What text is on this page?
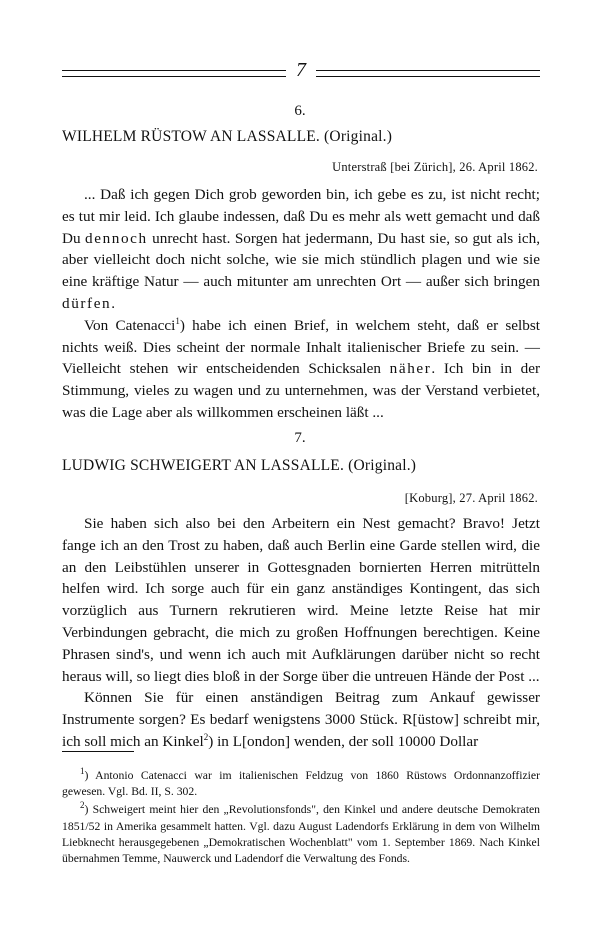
7
6.
WILHELM RÜSTOW AN LASSALLE. (Original.)
Unterstraß [bei Zürich], 26. April 1862.

... Daß ich gegen Dich grob geworden bin, ich gebe es zu, ist nicht recht; es tut mir leid. Ich glaube indessen, daß Du es mehr als wett gemacht und daß Du dennoch unrecht hast. Sorgen hat jedermann, Du hast sie, so gut als ich, aber vielleicht doch nicht solche, wie sie mich stündlich plagen und wie sie eine kräftige Natur — auch mitunter am unrechten Ort — außer sich bringen dürfen.

Von Catenacci$^1$) habe ich einen Brief, in welchem steht, daß er selbst nichts weiß. Dies scheint der normale Inhalt italienischer Briefe zu sein. — Vielleicht stehen wir entscheidenden Schicksalen näher. Ich bin in der Stimmung, vieles zu wagen und zu unternehmen, was der Verstand verbietet, was die Lage aber als willkommen erscheinen läßt ...

7.
LUDWIG SCHWEIGERT AN LASSALLE. (Original.)
[Koburg], 27. April 1862.

Sie haben sich also bei den Arbeitern ein Nest gemacht? Bravo! Jetzt fange ich an den Trost zu haben, daß auch Berlin eine Garde stellen wird, die an den Leibstühlen unserer in Gottesgnaden bornierten Herren mitrütteln helfen wird. Ich sorge auch für ein ganz anständiges Kontingent, das sich vorzüglich aus Turnern rekrutieren wird. Meine letzte Reise hat mir Verbindungen gebracht, die mich zu großen Hoffnungen berechtigen. Keine Phrasen sind's, und wenn ich auch mit Aufklärungen darüber nicht so recht heraus will, so liegt dies bloß in der Sorge über die untreuen Hände der Post ...

Können Sie für einen anständigen Beitrag zum Ankauf gewisser Instrumente sorgen? Es bedarf wenigstens 3000 Stück. R[üstow] schreibt mir, ich soll mich an Kinkel$^2$) in L[ondon] wenden, der soll 10000 Dollar

$^1$) Antonio Catenacci war im italienischen Feldzug von 1860 Rüstows Ordonnanzoffizier gewesen. Vgl. Bd. II, S. 302.

$^2$) Schweigert meint hier den „Revolutionsfonds", den Kinkel und andere deutsche Demokraten 1851/52 in Amerika gesammelt hatten. Vgl. dazu August Ladendorfs Erklärung in dem von Wilhelm Liebknecht herausgegebenen „Demokratischen Wochenblatt" vom 1. September 1869. Nach Kinkel übernahmen Temme, Nauwerck und Ladendorf die Verwaltung des Fonds.
